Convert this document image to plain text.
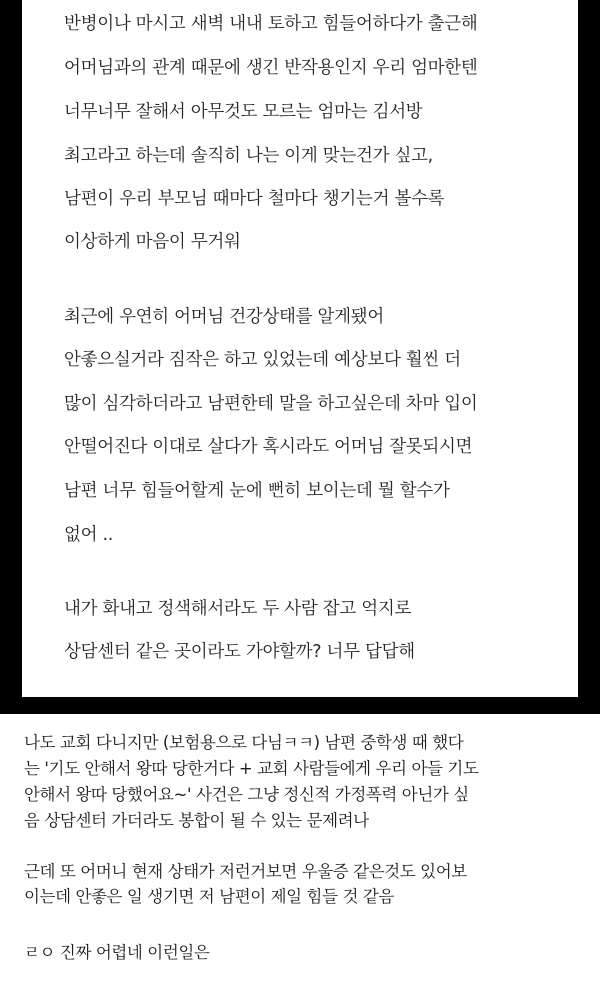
반병이나 마시고 새벽 내내 토하고 힘들어하다가 출근해
어머님과의 관계 때문에 생긴 반작용인지 우리 엄마한텐
너무너무 잘해서 아무것도 모르는 엄마는 김서방
최고라고 하는데 솔직히 나는 이게 맞는건가 싶고,
남편이 우리 부모님 때마다 철마다 챙기는거 볼수록
이상하게 마음이 무거워
최근에 우연히 어머님 건강상태를 알게됐어
안좋으실거라 짐작은 하고 있었는데 예상보다 훨씬 더
많이 심각하더라고 남편한테 말을 하고싶은데 차마 입이
안떨어진다 이대로 살다가 혹시라도 어머님 잘못되시면
남편 너무 힘들어할게 눈에 뻔히 보이는데 뭘 할수가
없어 ..
내가 화내고 정색해서라도 두 사람 잡고 억지로
상담센터 같은 곳이라도 가야할까? 너무 답답해
나도 교회 다니지만 (보험용으로 다님ㅋㅋ) 남편 중학생 때 했다
는 '기도 안해서 왕따 당한거다 + 교회 사람들에게 우리 아들 기도
안해서 왕따 당했어요~' 사건은 그냥 정신적 가정폭력 아닌가 싶
음 상담센터 가더라도 봉합이 될 수 있는 문제려나
근데 또 어머니 현재 상태가 저런거보면 우울증 같은것도 있어보
이는데 안좋은 일 생기면 저 남편이 제일 힘들 것 같음
ㄹㅇ 진짜 어렵네 이런일은
